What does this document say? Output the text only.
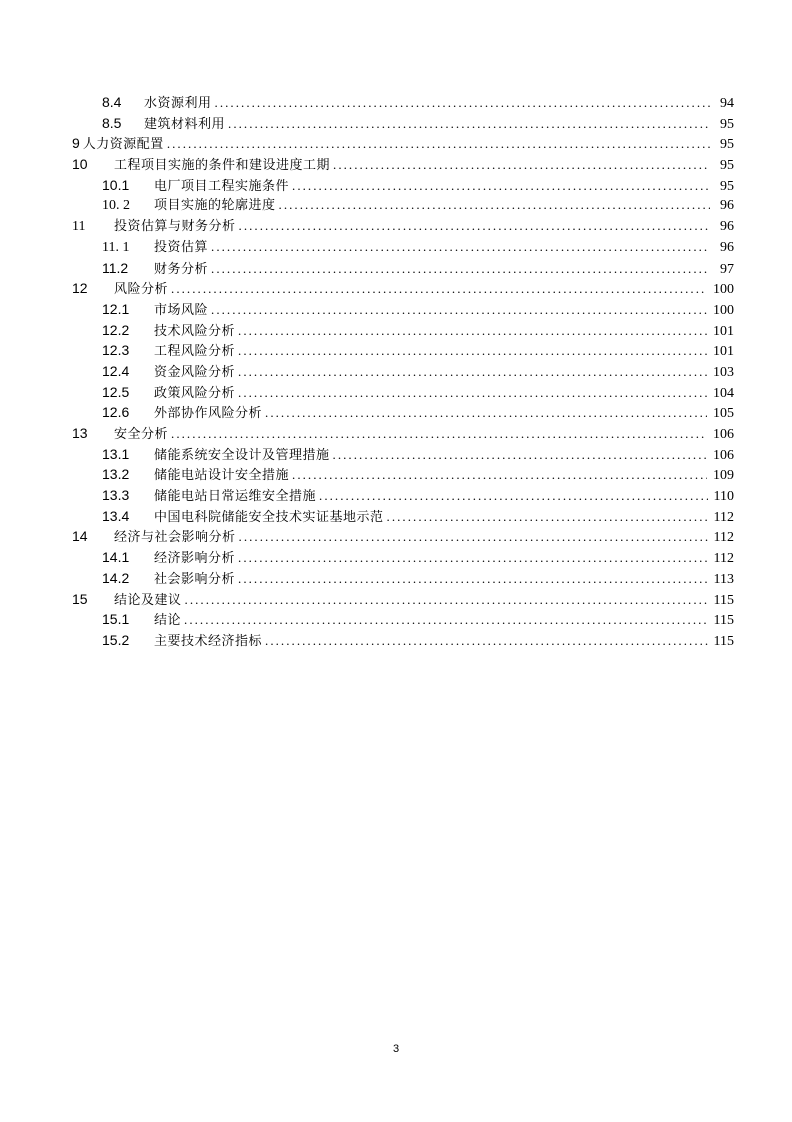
8.4	水资源利用 . . .	94
8.5	建筑材料利用 . . .	95
9 人力资源配置 . . .	95
10	工程项目实施的条件和建设进度工期 . . .	95
10.1	电厂项目工程实施条件 . . .	95
10. 2	项目实施的轮廓进度 . . .	96
11	投资估算与财务分析 . . .	96
11. 1	投资估算 . . .	96
11.2	财务分析 . . .	97
12	风险分析 . . .	100
12.1	市场风险 . . .	100
12.2	技术风险分析 . . .	101
12.3	工程风险分析 . . .	101
12.4	资金风险分析 . . .	103
12.5	政策风险分析 . . .	104
12.6	外部协作风险分析 . . .	105
13	安全分析 . . .	106
13.1	储能系统安全设计及管理措施 . . .	106
13.2	储能电站设计安全措施 . . .	109
13.3	储能电站日常运维安全措施 . . .	110
13.4	中国电科院储能安全技术实证基地示范 . . .	112
14	经济与社会影响分析 . . .	112
14.1	经济影响分析 . . .	112
14.2	社会影响分析 . . .	113
15	结论及建议 . . .	115
15.1	结论 . . .	115
15.2	主要技术经济指标 . . .	115
3
